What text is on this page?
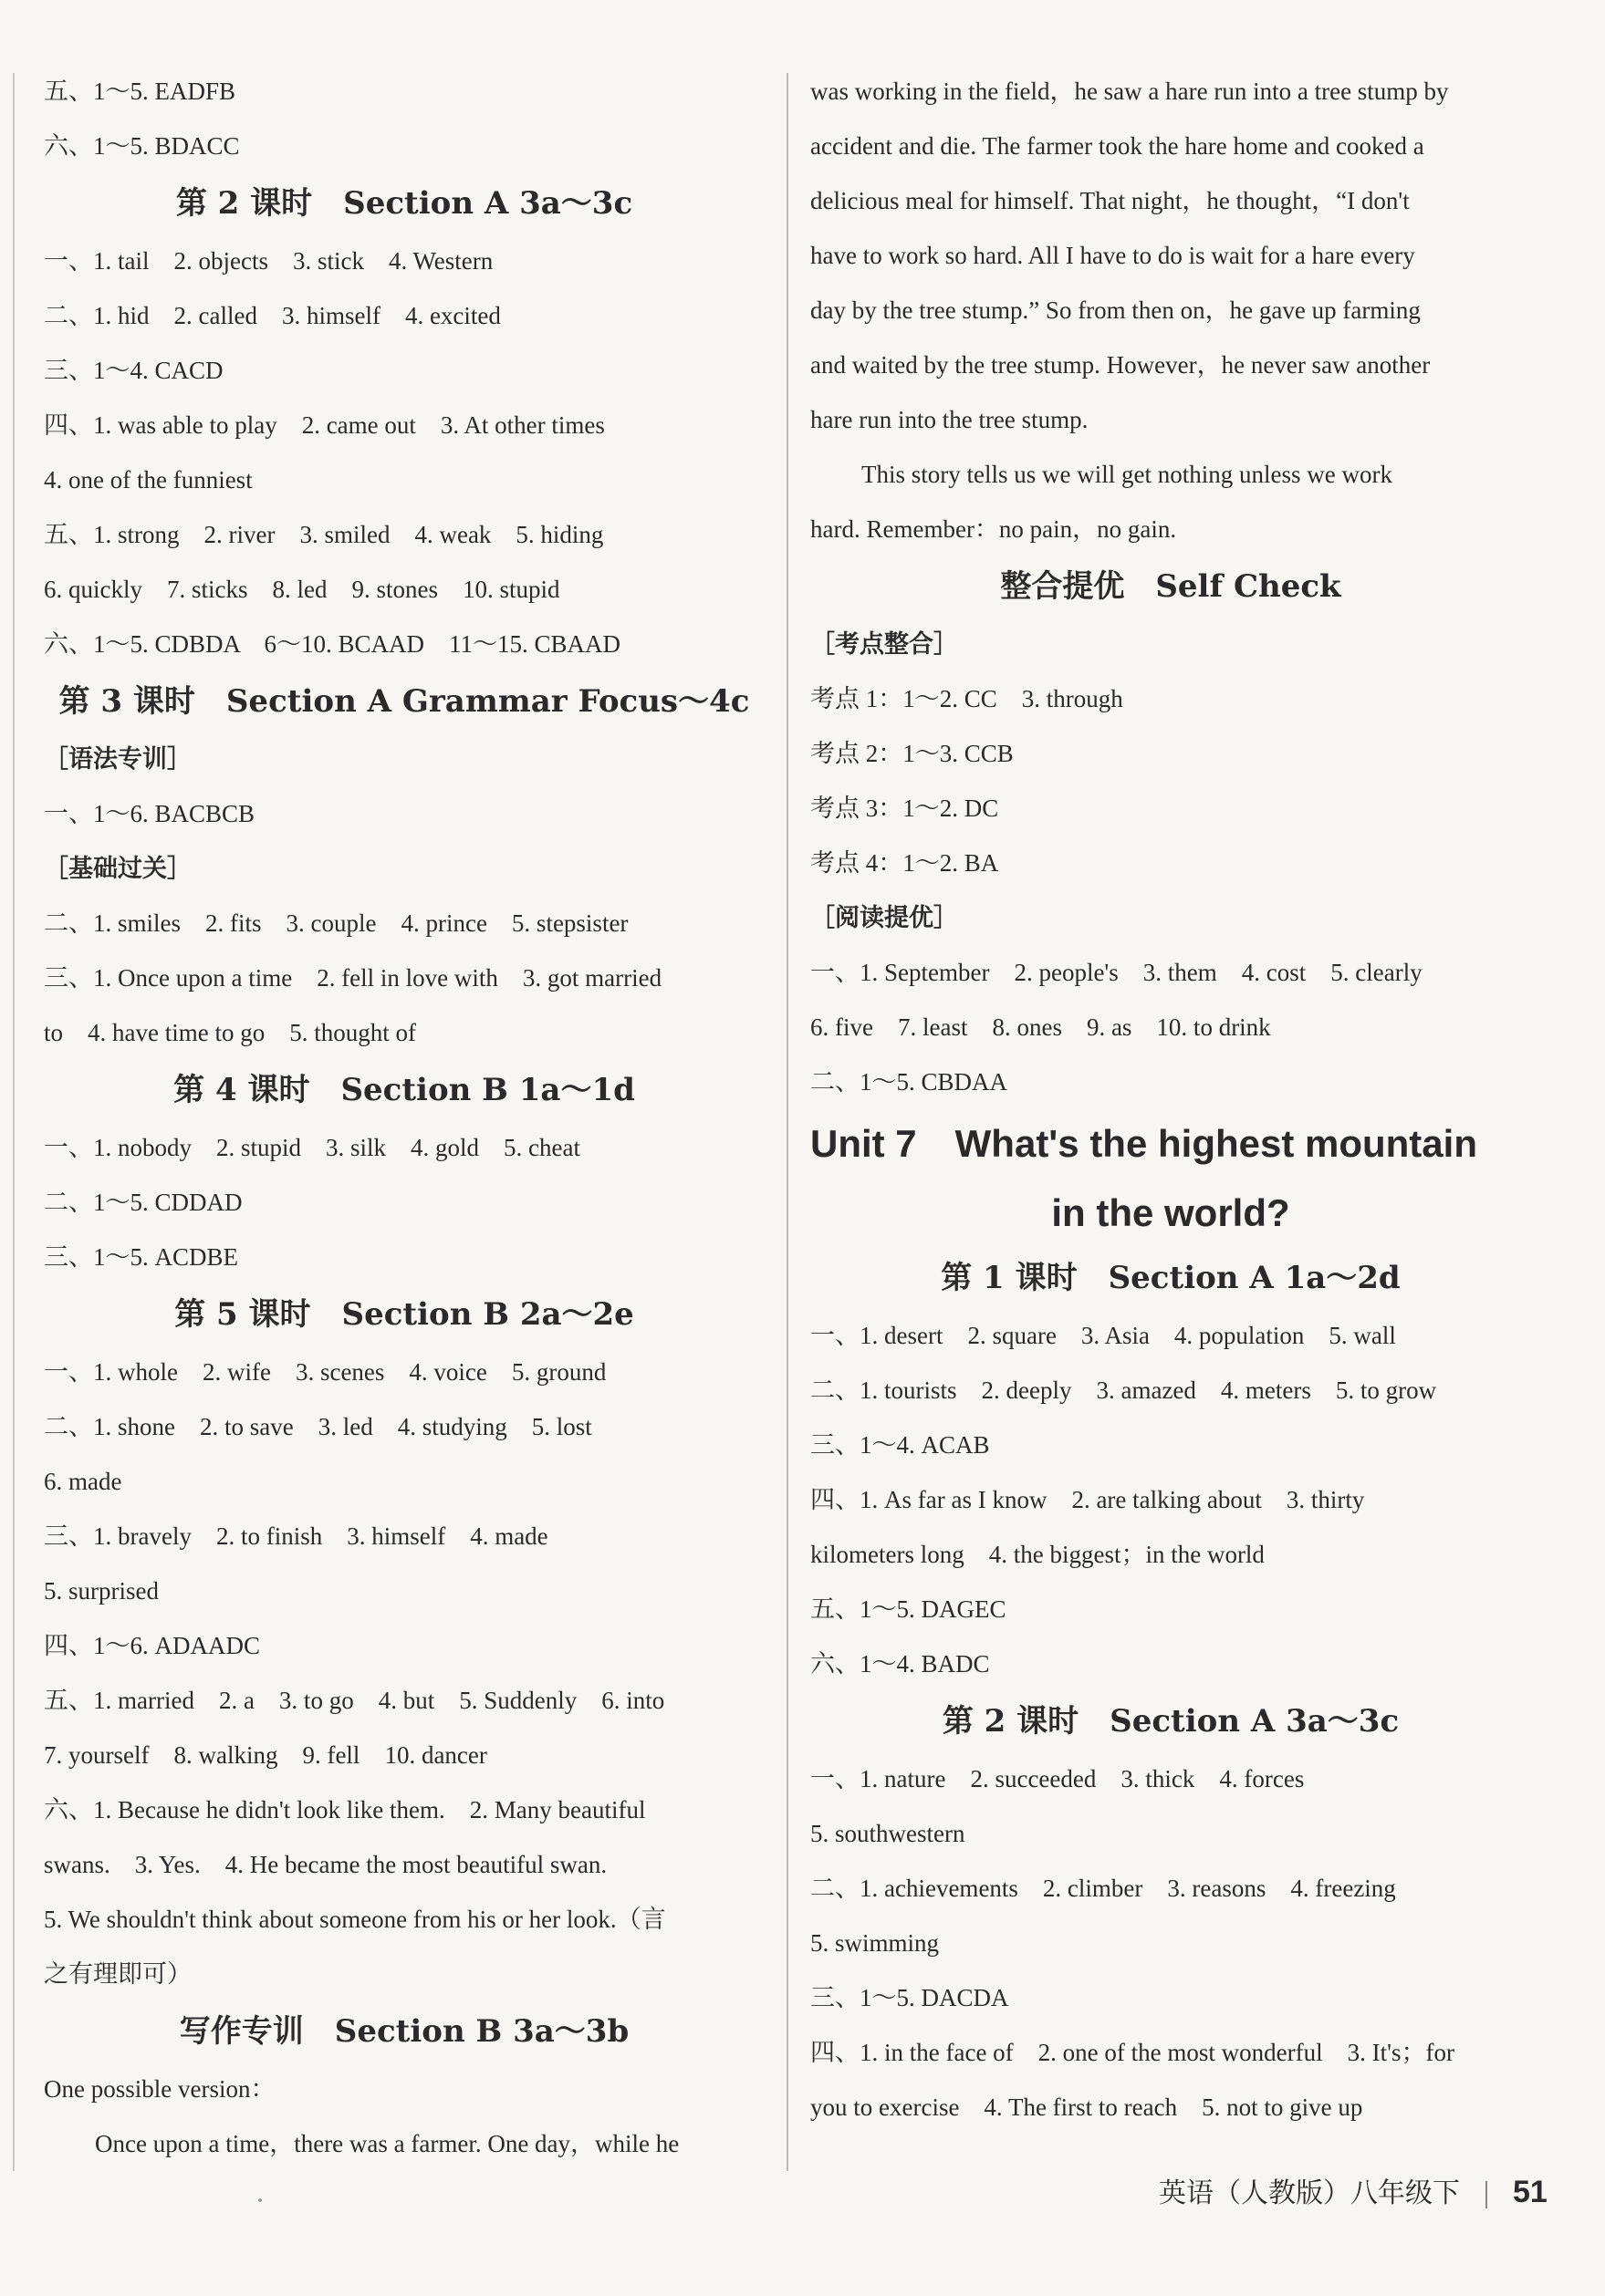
五、1～5. EADFB
六、1～5. BDACC
第 2 课时　Section A 3a～3c
一、1. tail　2. objects　3. stick　4. Western
二、1. hid　2. called　3. himself　4. excited
三、1～4. CACD
四、1. was able to play　2. came out　3. At other times
4. one of the funniest
五、1. strong　2. river　3. smiled　4. weak　5. hiding
6. quickly　7. sticks　8. led　9. stones　10. stupid
六、1～5. CDBDA　6～10. BCAAD　11～15. CBAAD
第 3 课时　Section A Grammar Focus～4c
［语法专训］
一、1～6. BACBCB
［基础过关］
二、1. smiles　2. fits　3. couple　4. prince　5. stepsister
三、1. Once upon a time　2. fell in love with　3. got married
to　4. have time to go　5. thought of
第 4 课时　Section B 1a～1d
一、1. nobody　2. stupid　3. silk　4. gold　5. cheat
二、1～5. CDDAD
三、1～5. ACDBE
第 5 课时　Section B 2a～2e
一、1. whole　2. wife　3. scenes　4. voice　5. ground
二、1. shone　2. to save　3. led　4. studying　5. lost
6. made
三、1. bravely　2. to finish　3. himself　4. made
5. surprised
四、1～6. ADAADC
五、1. married　2. a　3. to go　4. but　5. Suddenly　6. into
7. yourself　8. walking　9. fell　10. dancer
六、1. Because he didn't look like them.　2. Many beautiful
swans.　3. Yes.　4. He became the most beautiful swan.
5. We shouldn't think about someone from his or her look.（言
之有理即可）
写作专训　Section B 3a～3b
One possible version：
Once upon a time，there was a farmer. One day，while he
was working in the field，he saw a hare run into a tree stump by
accident and die. The farmer took the hare home and cooked a
delicious meal for himself. That night，he thought，“I don't
have to work so hard. All I have to do is wait for a hare every
day by the tree stump.” So from then on，he gave up farming
and waited by the tree stump. However，he never saw another
hare run into the tree stump.
This story tells us we will get nothing unless we work
hard. Remember：no pain，no gain.
整合提优　Self Check
［考点整合］
考点 1：1～2. CC　3. through
考点 2：1～3. CCB
考点 3：1～2. DC
考点 4：1～2. BA
［阅读提优］
一、1. September　2. people's　3. them　4. cost　5. clearly
6. five　7. least　8. ones　9. as　10. to drink
二、1～5. CBDAA
Unit 7　What's the highest mountain
in the world?
第 1 课时　Section A 1a～2d
一、1. desert　2. square　3. Asia　4. population　5. wall
二、1. tourists　2. deeply　3. amazed　4. meters　5. to grow
三、1～4. ACAB
四、1. As far as I know　2. are talking about　3. thirty
kilometers long　4. the biggest；in the world
五、1～5. DAGEC
六、1～4. BADC
第 2 课时　Section A 3a～3c
一、1. nature　2. succeeded　3. thick　4. forces
5. southwestern
二、1. achievements　2. climber　3. reasons　4. freezing
5. swimming
三、1～5. DACDA
四、1. in the face of　2. one of the most wonderful　3. It's；for
you to exercise　4. The first to reach　5. not to give up
英语（人教版）八年级下 51
